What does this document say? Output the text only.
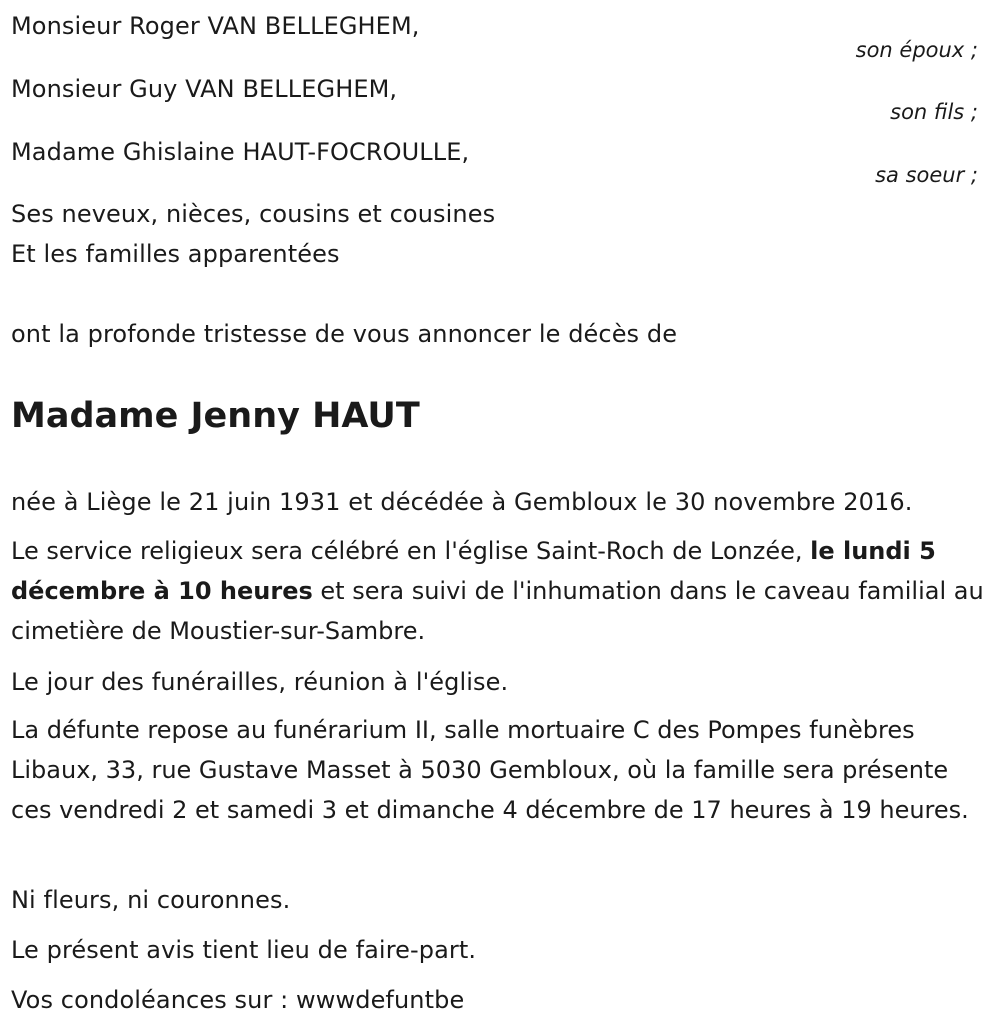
Monsieur Roger VAN BELLEGHEM,
son époux ;
Monsieur Guy VAN BELLEGHEM,
son fils ;
Madame Ghislaine HAUT-FOCROULLE,
sa soeur ;
Ses neveux, nièces, cousins et cousines
Et les familles apparentées
ont la profonde tristesse de vous annoncer le décès de
Madame Jenny HAUT
née à Liège le 21 juin 1931 et décédée à Gembloux le 30 novembre 2016.
Le service religieux sera célébré en l'église Saint-Roch de Lonzée, le lundi 5 décembre à 10 heures et sera suivi de l'inhumation dans le caveau familial au cimetière de Moustier-sur-Sambre.
Le jour des funérailles, réunion à l'église.
La défunte repose au funérarium II, salle mortuaire C des Pompes funèbres Libaux, 33, rue Gustave Masset à 5030 Gembloux, où la famille sera présente ces vendredi 2 et samedi 3 et dimanche 4 décembre de 17 heures à 19 heures.
Ni fleurs, ni couronnes.
Le présent avis tient lieu de faire-part.
Vos condoléances sur : wwwdefuntbe
